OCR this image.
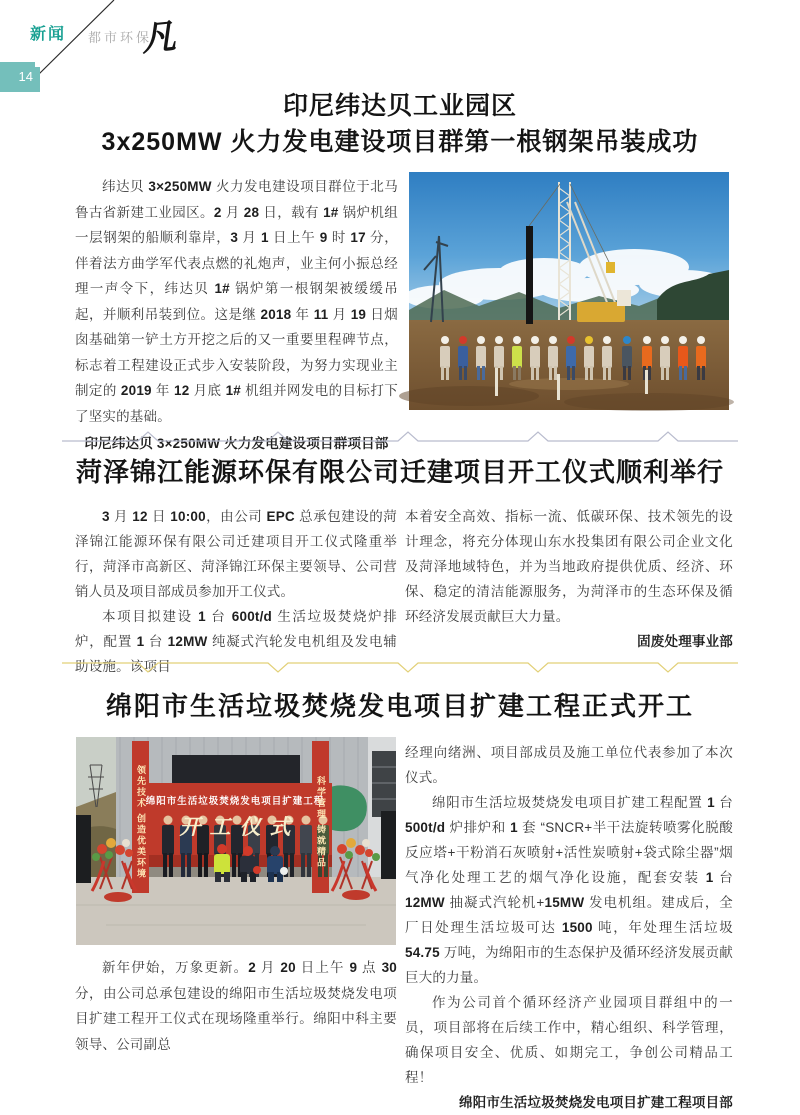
新闻 都市环保
凡
14
印尼纬达贝工业园区
3x250MW 火力发电建设项目群第一根钢架吊装成功

纬达贝 3×250MW 火力发电建设项目群位于北马鲁古省新建工业园区。2 月 28 日，载有 1# 锅炉机组一层钢架的船顺利靠岸，3 月 1 日上午 9 时 17 分，伴着法方曲学军代表点燃的礼炮声，业主何小振总经理一声令下，纬达贝 1# 锅炉第一根钢架被缓缓吊起，并顺利吊装到位。这是继 2018 年 11 月 19 日烟囱基础第一铲土方开挖之后的又一重要里程碑节点，标志着工程建设正式步入安装阶段，为努力实现业主制定的 2019 年 12 月底 1# 机组并网发电的目标打下了坚实的基础。

印尼纬达贝 3×250MW 火力发电建设项目群项目部

菏泽锦江能源环保有限公司迁建项目开工仪式顺利举行

3 月 12 日 10:00，由公司 EPC 总承包建设的菏泽锦江能源环保有限公司迁建项目开工仪式隆重举行，菏泽市高新区、菏泽锦江环保主要领导、公司营销人员及项目部成员参加开工仪式。

本项目拟建设 1 台 600t/d 生活垃圾焚烧炉排炉，配置 1 台 12MW 纯凝式汽轮发电机组及发电辅助设施。该项目

本着安全高效、指标一流、低碳环保、技术领先的设计理念，将充分体现山东水投集团有限公司企业文化及菏泽地域特色，并为当地政府提供优质、经济、环保、稳定的清洁能源服务，为菏泽市的生态环保及循环经济发展贡献巨大力量。

固废处理事业部

绵阳市生活垃圾焚烧发电项目扩建工程正式开工
绵阳市生活垃圾焚烧发电项目扩建工程
开工仪式
领先技术 创造优美环境	科学管理 铸就精品

新年伊始，万象更新。2 月 20 日上午 9 点 30 分，由公司总承包建设的绵阳市生活垃圾焚烧发电项目扩建工程开工仪式在现场隆重举行。绵阳中科主要领导、公司副总

经理向绪洲、项目部成员及施工单位代表参加了本次仪式。

绵阳市生活垃圾焚烧发电项目扩建工程配置 1 台 500t/d 炉排炉和 1 套 “SNCR+半干法旋转喷雾化脱酸反应塔+干粉消石灰喷射+活性炭喷射+袋式除尘器”烟气净化处理工艺的烟气净化设施，配套安装 1 台 12MW 抽凝式汽轮机+15MW 发电机组。建成后，全厂日处理生活垃圾可达 1500 吨，年处理生活垃圾 54.75 万吨，为绵阳市的生态保护及循环经济发展贡献巨大的力量。

作为公司首个循环经济产业园项目群组中的一员，项目部将在后续工作中，精心组织、科学管理，确保项目安全、优质、如期完工，争创公司精品工程！

绵阳市生活垃圾焚烧发电项目扩建工程项目部
